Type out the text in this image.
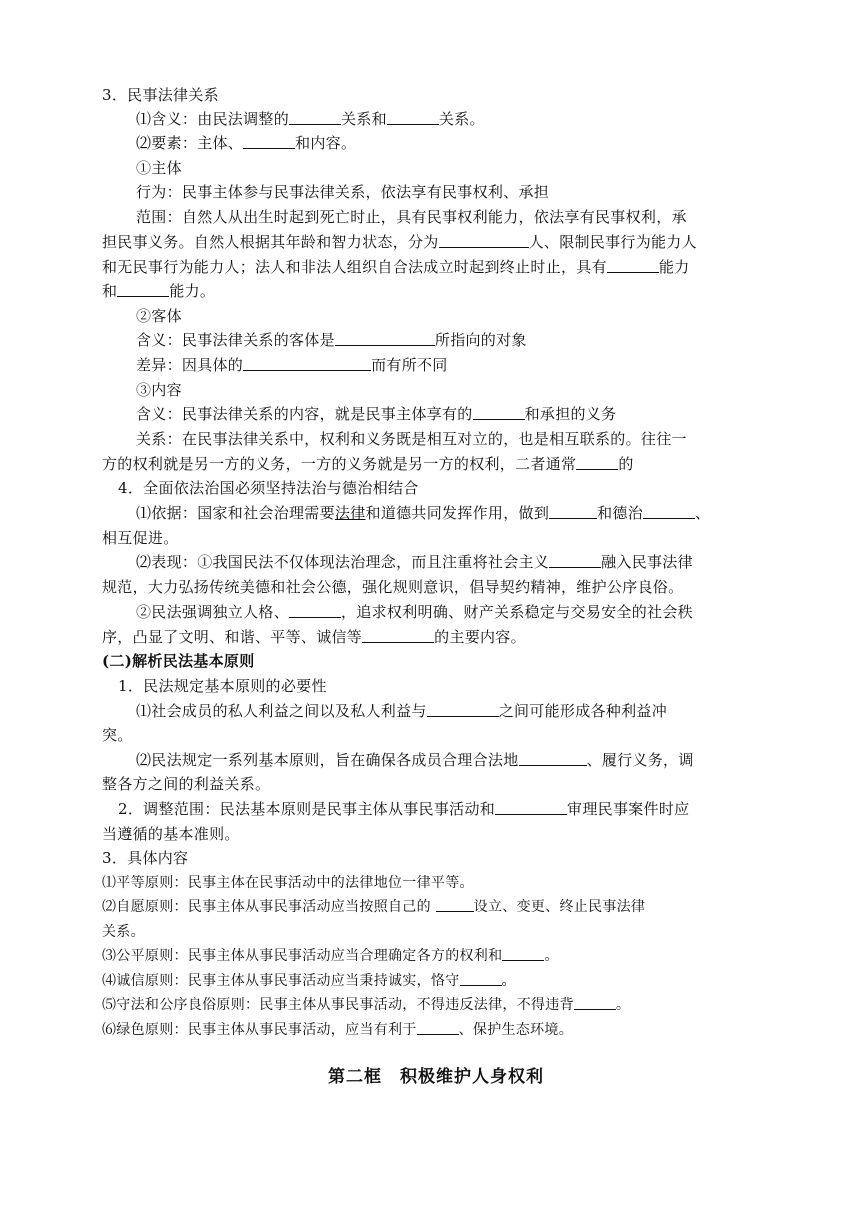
3．民事法律关系
⑴含义：由民法调整的	关系和	关系。
⑵要素：主体、	和内容。
①主体
行为：民事主体参与民事法律关系，依法享有民事权利、承担
范围：自然人从出生时起到死亡时止，具有民事权利能力，依法享有民事权利，承
担民事义务。自然人根据其年龄和智力状态，分为	人、限制民事行为能力人
和无民事行为能力人；法人和非法人组织自合法成立时起到终止时止，具有	能力
和	能力。
②客体
含义：民事法律关系的客体是	所指向的对象
差异：因具体的	而有所不同
③内容
含义：民事法律关系的内容，就是民事主体享有的	和承担的义务
关系：在民事法律关系中，权利和义务既是相互对立的，也是相互联系的。往往一
方的权利就是另一方的义务，一方的义务就是另一方的权利，二者通常	的
4．全面依法治国必须坚持法治与德治相结合
⑴依据：国家和社会治理需要法律和道德共同发挥作用，做到	和德治	、
相互促进。
⑵表现：①我国民法不仅体现法治理念，而且注重将社会主义	融入民事法律
规范，大力弘扬传统美德和社会公德，强化规则意识，倡导契约精神，维护公序良俗。
②民法强调独立人格、	，追求权利明确、财产关系稳定与交易安全的社会秩
序，凸显了文明、和谐、平等、诚信等	的主要内容。
(二)解析民法基本原则
1．民法规定基本原则的必要性
⑴社会成员的私人利益之间以及私人利益与	之间可能形成各种利益冲
突。
⑵民法规定一系列基本原则，旨在确保各成员合理合法地	、履行义务，调
整各方之间的利益关系。
2．调整范围：民法基本原则是民事主体从事民事活动和	审理民事案件时应
当遵循的基本准则。
3．具体内容
⑴平等原则：民事主体在民事活动中的法律地位一律平等。
⑵自愿原则：民事主体从事民事活动应当按照自己的	设立、变更、终止民事法律
关系。
⑶公平原则：民事主体从事民事活动应当合理确定各方的权利和	。
⑷诚信原则：民事主体从事民事活动应当秉持诚实，恪守	。
⑸守法和公序良俗原则：民事主体从事民事活动，不得违反法律，不得违背	。
⑹绿色原则：民事主体从事民事活动，应当有利于	、保护生态环境。
第二框　积极维护人身权利
